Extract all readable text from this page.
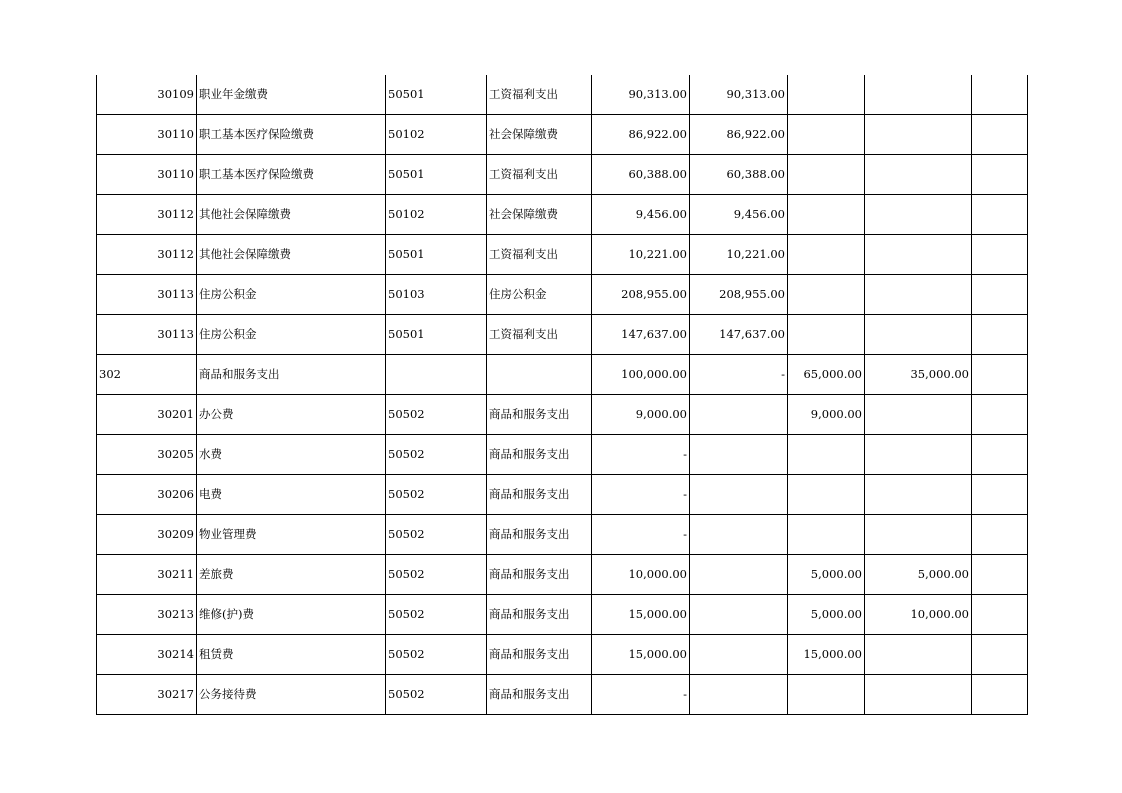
30109	职业年金缴费	50501	工资福利支出	90,313.00	90,313.00			
30110	职工基本医疗保险缴费	50102	社会保障缴费	86,922.00	86,922.00			
30110	职工基本医疗保险缴费	50501	工资福利支出	60,388.00	60,388.00			
30112	其他社会保障缴费	50102	社会保障缴费	9,456.00	9,456.00			
30112	其他社会保障缴费	50501	工资福利支出	10,221.00	10,221.00			
30113	住房公积金	50103	住房公积金	208,955.00	208,955.00			
30113	住房公积金	50501	工资福利支出	147,637.00	147,637.00			
302	商品和服务支出			100,000.00	-	65,000.00	35,000.00	
30201	办公费	50502	商品和服务支出	9,000.00		9,000.00		
30205	水费	50502	商品和服务支出	-				
30206	电费	50502	商品和服务支出	-				
30209	物业管理费	50502	商品和服务支出	-				
30211	差旅费	50502	商品和服务支出	10,000.00		5,000.00	5,000.00	
30213	维修(护)费	50502	商品和服务支出	15,000.00		5,000.00	10,000.00	
30214	租赁费	50502	商品和服务支出	15,000.00		15,000.00		
30217	公务接待费	50502	商品和服务支出	-				
